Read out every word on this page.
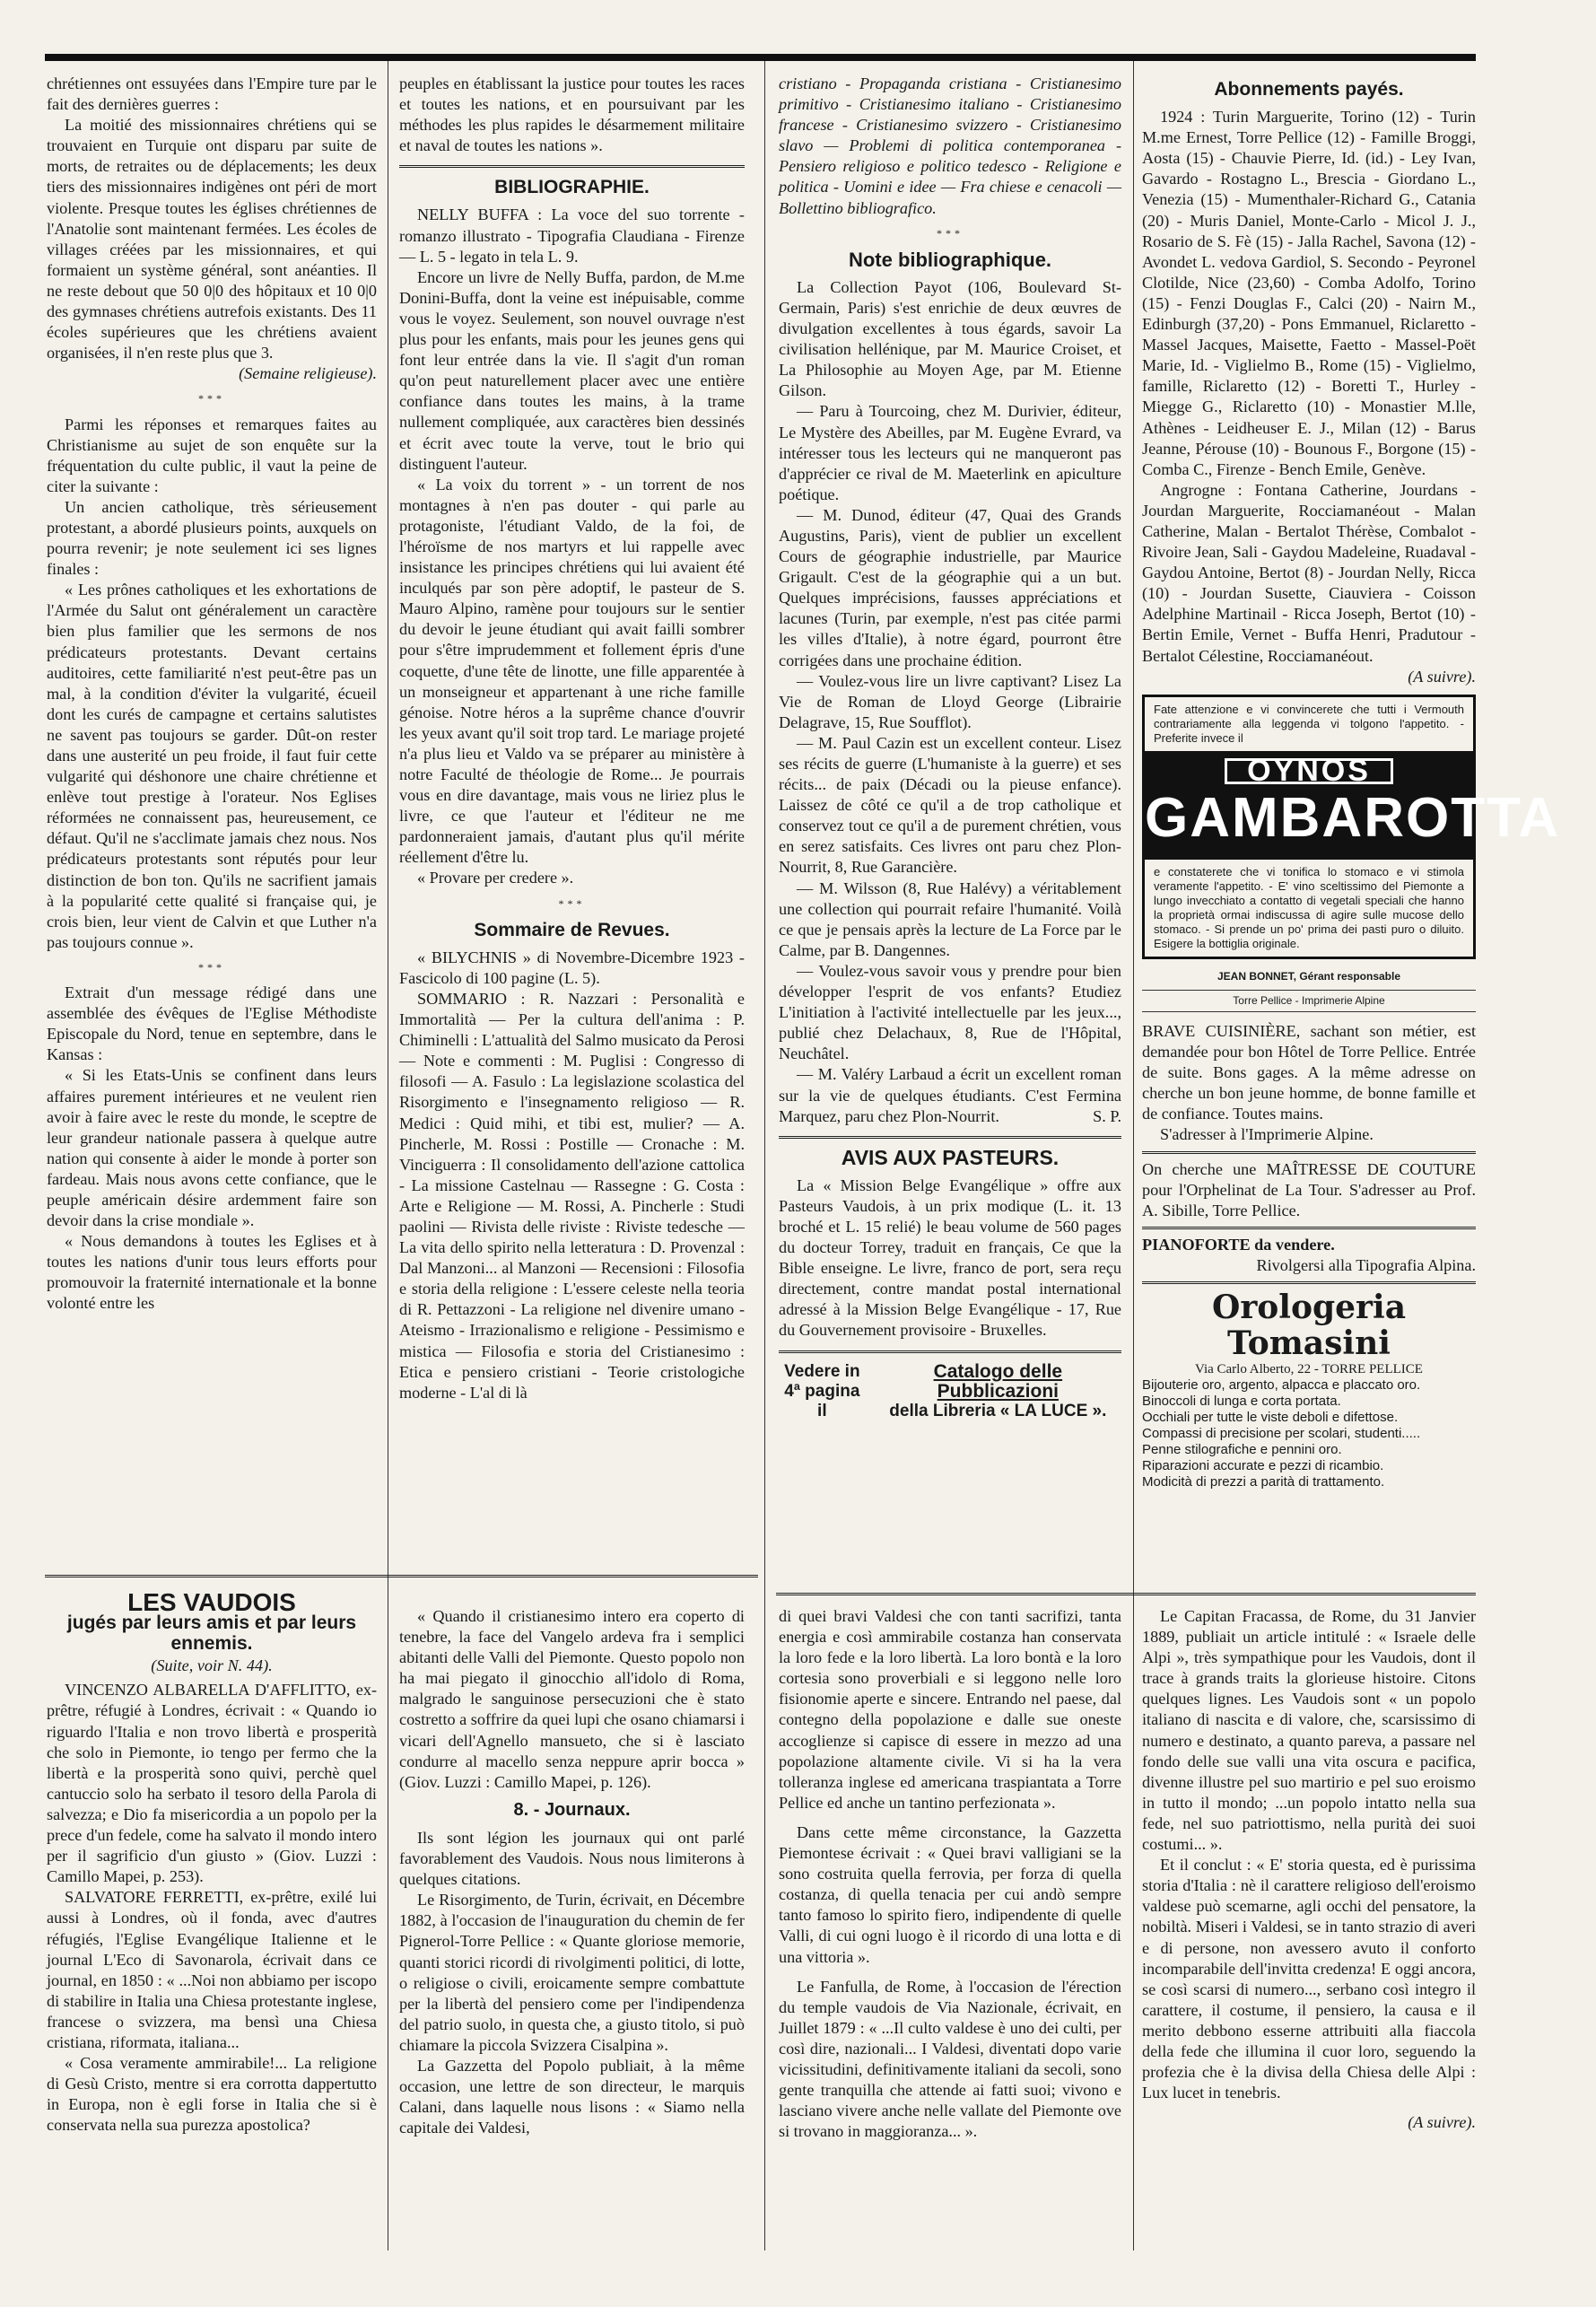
chrétiennes ont essuyées dans l'Empire ture par le fait des dernières guerres :

La moitié des missionnaires chrétiens qui se trouvaient en Turquie ont disparu par suite de morts, de retraites ou de déplacements; les deux tiers des missionnaires indigènes ont péri de mort violente. Presque toutes les églises chrétiennes de l'Anatolie sont maintenant fermées. Les écoles de villages créées par les missionnaires, et qui formaient un système général, sont anéanties. Il ne reste debout que 50 0|0 des hôpitaux et 10 0|0 des gymnases chrétiens autrefois existants. Des 11 écoles supérieures que les chrétiens avaient organisées, il n'en reste plus que 3.

(Semaine religieuse).

***

Parmi les réponses et remarques faites au Christianisme au sujet de son enquête sur la fréquentation du culte public, il vaut la peine de citer la suivante :

Un ancien catholique, très sérieusement protestant, a abordé plusieurs points, auxquels on pourra revenir; je note seulement ici ses lignes finales :

« Les prônes catholiques et les exhortations de l'Armée du Salut ont généralement un caractère bien plus familier que les sermons de nos prédicateurs protestants. Devant certains auditoires, cette familiarité n'est peut-être pas un mal, à la condition d'éviter la vulgarité, écueil dont les curés de campagne et certains salutistes ne savent pas toujours se garder. Dût-on rester dans une austerité un peu froide, il faut fuir cette vulgarité qui déshonore une chaire chrétienne et enlève tout prestige à l'orateur. Nos Eglises réformées ne connaissent pas, heureusement, ce défaut. Qu'il ne s'acclimate jamais chez nous. Nos prédicateurs protestants sont réputés pour leur distinction de bon ton. Qu'ils ne sacrifient jamais à la popularité cette qualité si française qui, je crois bien, leur vient de Calvin et que Luther n'a pas toujours connue ».

***

Extrait d'un message rédigé dans une assemblée des évêques de l'Eglise Méthodiste Episcopale du Nord, tenue en septembre, dans le Kansas :

« Si les Etats-Unis se confinent dans leurs affaires purement intérieures et ne veulent rien avoir à faire avec le reste du monde, le sceptre de leur grandeur nationale passera à quelque autre nation qui consente à aider le monde à porter son fardeau. Mais nous avons cette confiance, que le peuple américain désire ardemment faire son devoir dans la crise mondiale ».

« Nous demandons à toutes les Eglises et à toutes les nations d'unir tous leurs efforts pour promouvoir la fraternité internationale et la bonne volonté entre les

peuples en établissant la justice pour toutes les races et toutes les nations, et en poursuivant par les méthodes les plus rapides le désarmement militaire et naval de toutes les nations ».

BIBLIOGRAPHIE.

NELLY BUFFA : La voce del suo torrente - romanzo illustrato - Tipografia Claudiana - Firenze — L. 5 - legato in tela L. 9.

Encore un livre de Nelly Buffa, pardon, de M.me Donini-Buffa, dont la veine est inépuisable, comme vous le voyez. Seulement, son nouvel ouvrage n'est plus pour les enfants, mais pour les jeunes gens qui font leur entrée dans la vie. Il s'agit d'un roman qu'on peut naturellement placer avec une entière confiance dans toutes les mains, à la trame nullement compliquée, aux caractères bien dessinés et écrit avec toute la verve, tout le brio qui distinguent l'auteur.

« La voix du torrent » - un torrent de nos montagnes à n'en pas douter - qui parle au protagoniste, l'étudiant Valdo, de la foi, de l'héroïsme de nos martyrs et lui rappelle avec insistance les principes chrétiens qui lui avaient été inculqués par son père adoptif, le pasteur de S. Mauro Alpino, ramène pour toujours sur le sentier du devoir le jeune étudiant qui avait failli sombrer pour s'être imprudemment et follement épris d'une coquette, d'une tête de linotte, une fille apparentée à un monseigneur et appartenant à une riche famille génoise. Notre héros a la suprême chance d'ouvrir les yeux avant qu'il soit trop tard. Le mariage projeté n'a plus lieu et Valdo va se préparer au ministère à notre Faculté de théologie de Rome... Je pourrais vous en dire davantage, mais vous ne liriez plus le livre, ce que l'auteur et l'éditeur ne me pardonneraient jamais, d'autant plus qu'il mérite réellement d'être lu.

« Provare per credere ».

***
Sommaire de Revues.

« BILYCHNIS » di Novembre-Dicembre 1923 - Fascicolo di 100 pagine (L. 5).

SOMMARIO : R. Nazzari : Personalità e Immortalità — Per la cultura dell'anima : P. Chiminelli : L'attualità del Salmo musicato da Perosi — Note e commenti : M. Puglisi : Congresso di filosofi — A. Fasulo : La legislazione scolastica del Risorgimento e l'insegnamento religioso — R. Medici : Quid mihi, et tibi est, mulier? — A. Pincherle, M. Rossi : Postille — Cronache : M. Vinciguerra : Il consolidamento dell'azione cattolica - La missione Castelnau — Rassegne : G. Costa : Arte e Religione — M. Rossi, A. Pincherle : Studi paolini — Rivista delle riviste : Riviste tedesche — La vita dello spirito nella letteratura : D. Provenzal : Dal Manzoni... al Manzoni — Recensioni : Filosofia e storia della religione : L'essere celeste nella teoria di R. Pettazzoni - La religione nel divenire umano - Ateismo - Irrazionalismo e religione - Pessimismo e mistica — Filosofia e storia del Cristianesimo : Etica e pensiero cristiani - Teorie cristologiche moderne - L'al di là

cristiano - Propaganda cristiana - Cristianesimo primitivo - Cristianesimo italiano - Cristianesimo francese - Cristianesimo svizzero - Cristianesimo slavo — Problemi di politica contemporanea - Pensiero religioso e politico tedesco - Religione e politica - Uomini e idee — Fra chiese e cenacoli — Bollettino bibliografico.

***
Note bibliographique.

La Collection Payot (106, Boulevard St-Germain, Paris) s'est enrichie de deux œuvres de divulgation excellentes à tous égards, savoir La civilisation hellénique, par M. Maurice Croiset, et La Philosophie au Moyen Age, par M. Etienne Gilson.

— Paru à Tourcoing, chez M. Durivier, éditeur, Le Mystère des Abeilles, par M. Eugène Evrard, va intéresser tous les lecteurs qui ne manqueront pas d'apprécier ce rival de M. Maeterlink en apiculture poétique.

— M. Dunod, éditeur (47, Quai des Grands Augustins, Paris), vient de publier un excellent Cours de géographie industrielle, par Maurice Grigault. C'est de la géographie qui a un but. Quelques imprécisions, fausses appréciations et lacunes (Turin, par exemple, n'est pas citée parmi les villes d'Italie), à notre égard, pourront être corrigées dans une prochaine édition.

— Voulez-vous lire un livre captivant? Lisez La Vie de Roman de Lloyd George (Librairie Delagrave, 15, Rue Soufflot).

— M. Paul Cazin est un excellent conteur. Lisez ses récits de guerre (L'humaniste à la guerre) et ses récits... de paix (Décadi ou la pieuse enfance). Laissez de côté ce qu'il a de trop catholique et conservez tout ce qu'il a de purement chrétien, vous en serez satisfaits. Ces livres ont paru chez Plon-Nourrit, 8, Rue Garancière.

— M. Wilsson (8, Rue Halévy) a véritablement une collection qui pourrait refaire l'humanité. Voilà ce que je pensais après la lecture de La Force par le Calme, par B. Dangennes.

— Voulez-vous savoir vous y prendre pour bien développer l'esprit de vos enfants? Etudiez L'initiation à l'activité intellectuelle par les jeux..., publié chez Delachaux, 8, Rue de l'Hôpital, Neuchâtel.

— M. Valéry Larbaud a écrit un excellent roman sur la vie de quelques étudiants. C'est Fermina Marquez, paru chez Plon-Nourrit.	S. P.

AVIS AUX PASTEURS.

La « Mission Belge Evangélique » offre aux Pasteurs Vaudois, à un prix modique (L. it. 13 broché et L. 15 relié) le beau volume de 560 pages du docteur Torrey, traduit en français, Ce que la Bible enseigne. Le livre, franco de port, sera reçu directement, contre mandat postal international adressé à la Mission Belge Evangélique - 17, Rue du Gouvernement provisoire - Bruxelles.

Vedere in
4ª pagina il
Catalogo delle Pubblicazioni
della Libreria « LA LUCE ».
Abonnements payés.

1924 : Turin Marguerite, Torino (12) - Turin M.me Ernest, Torre Pellice (12) - Famille Broggi, Aosta (15) - Chauvie Pierre, Id. (id.) - Ley Ivan, Gavardo - Rostagno L., Brescia - Giordano L., Venezia (15) - Mumenthaler-Richard G., Catania (20) - Muris Daniel, Monte-Carlo - Micol J. J., Rosario de S. Fè (15) - Jalla Rachel, Savona (12) - Avondet L. vedova Gardiol, S. Secondo - Peyronel Clotilde, Nice (23,60) - Comba Adolfo, Torino (15) - Fenzi Douglas F., Calci (20) - Nairn M., Edinburgh (37,20) - Pons Emmanuel, Riclaretto - Massel Jacques, Maisette, Faetto - Massel-Poët Marie, Id. - Viglielmo B., Rome (15) - Viglielmo, famille, Riclaretto (12) - Boretti T., Hurley - Miegge G., Riclaretto (10) - Monastier M.lle, Athènes - Leidheuser E. J., Milan (12) - Barus Jeanne, Pérouse (10) - Bounous F., Borgone (15) - Comba C., Firenze - Bench Emile, Genève.

Angrogne : Fontana Catherine, Jourdans - Jourdan Marguerite, Rocciamanéout - Malan Catherine, Malan - Bertalot Thérèse, Combalot - Rivoire Jean, Sali - Gaydou Madeleine, Ruadaval - Gaydou Antoine, Bertot (8) - Jourdan Nelly, Ricca (10) - Jourdan Susette, Ciauviera - Coisson Adelphine Martinail - Ricca Joseph, Bertot (10) - Bertin Emile, Vernet - Buffa Henri, Pradutour - Bertalot Célestine, Rocciamanéout.

(A suivre).

Fate attenzione e vi convincerete che tutti i Vermouth contrariamente alla leggenda vi tolgono l'appetito. - Preferite invece il
OYNOS
GAMBAROTTA
e constaterete che vi tonifica lo stomaco e vi stimola veramente l'appetito. - E' vino sceltissimo del Piemonte a lungo invecchiato a contatto di vegetali speciali che hanno la proprietà ormai indiscussa di agire sulle mucose dello stomaco. - Si prende un po' prima dei pasti puro o diluito. Esigere la bottiglia originale.
JEAN BONNET, Gérant responsable
Torre Pellice - Imprimerie Alpine

BRAVE CUISINIÈRE, sachant son métier, est demandée pour bon Hôtel de Torre Pellice. Entrée de suite. Bons gages. A la même adresse on cherche un bon jeune homme, de bonne famille et de confiance. Toutes mains.

S'adresser à l'Imprimerie Alpine.

On cherche une MAÎTRESSE DE COUTURE pour l'Orphelinat de La Tour. S'adresser au Prof. A. Sibille, Torre Pellice.

PIANOFORTE da vendere.

Rivolgersi alla Tipografia Alpina.

Orologeria Tomasini
Via Carlo Alberto, 22 - TORRE PELLICE
Bijouterie oro, argento, alpacca e placcato oro.
Binoccoli di lunga e corta portata.
Occhiali per tutte le viste deboli e difettose.
Compassi di precisione per scolari, studenti.....
Penne stilografiche e pennini oro.
Riparazioni accurate e pezzi di ricambio.
Modicità di prezzi a parità di trattamento.
LES VAUDOIS
jugés par leurs amis et par leurs ennemis.
(Suite, voir N. 44).

VINCENZO ALBARELLA D'AFFLITTO, ex-prêtre, réfugié à Londres, écrivait : « Quando io riguardo l'Italia e non trovo libertà e prosperità che solo in Piemonte, io tengo per fermo che la libertà e la prosperità sono quivi, perchè quel cantuccio solo ha serbato il tesoro della Parola di salvezza; e Dio fa misericordia a un popolo per la prece d'un fedele, come ha salvato il mondo intero per il sagrificio d'un giusto » (Giov. Luzzi : Camillo Mapei, p. 253).

SALVATORE FERRETTI, ex-prêtre, exilé lui aussi à Londres, où il fonda, avec d'autres réfugiés, l'Eglise Evangélique Italienne et le journal L'Eco di Savonarola, écrivait dans ce journal, en 1850 : « ...Noi non abbiamo per iscopo di stabilire in Italia una Chiesa protestante inglese, francese o svizzera, ma bensì una Chiesa cristiana, riformata, italiana...

« Cosa veramente ammirabile!... La religione di Gesù Cristo, mentre si era corrotta dappertutto in Europa, non è egli forse in Italia che si è conservata nella sua purezza apostolica?

« Quando il cristianesimo intero era coperto di tenebre, la face del Vangelo ardeva fra i semplici abitanti delle Valli del Piemonte. Questo popolo non ha mai piegato il ginocchio all'idolo di Roma, malgrado le sanguinose persecuzioni che è stato costretto a soffrire da quei lupi che osano chiamarsi i vicari dell'Agnello mansueto, che si è lasciato condurre al macello senza neppure aprir bocca » (Giov. Luzzi : Camillo Mapei, p. 126).

8. - Journaux.

Ils sont légion les journaux qui ont parlé favorablement des Vaudois. Nous nous limiterons à quelques citations.

Le Risorgimento, de Turin, écrivait, en Décembre 1882, à l'occasion de l'inauguration du chemin de fer Pignerol-Torre Pellice : « Quante gloriose memorie, quanti storici ricordi di rivolgimenti politici, di lotte, o religiose o civili, eroicamente sempre combattute per la libertà del pensiero come per l'indipendenza del patrio suolo, in questa che, a giusto titolo, si può chiamare la piccola Svizzera Cisalpina ».

La Gazzetta del Popolo publiait, à la même occasion, une lettre de son directeur, le marquis Calani, dans laquelle nous lisons : « Siamo nella capitale dei Valdesi,

di quei bravi Valdesi che con tanti sacrifizi, tanta energia e così ammirabile costanza han conservata la loro fede e la loro libertà. La loro bontà e la loro cortesia sono proverbiali e si leggono nelle loro fisionomie aperte e sincere. Entrando nel paese, dal contegno della popolazione e dalle sue oneste accoglienze si capisce di essere in mezzo ad una popolazione altamente civile. Vi si ha la vera tolleranza inglese ed americana traspiantata a Torre Pellice ed anche un tantino perfezionata ».

Dans cette même circonstance, la Gazzetta Piemontese écrivait : « Quei bravi valligiani se la sono costruita quella ferrovia, per forza di quella costanza, di quella tenacia per cui andò sempre tanto famoso lo spirito fiero, indipendente di quelle Valli, di cui ogni luogo è il ricordo di una lotta e di una vittoria ».

Le Fanfulla, de Rome, à l'occasion de l'érection du temple vaudois de Via Nazionale, écrivait, en Juillet 1879 : « ...Il culto valdese è uno dei culti, per così dire, nazionali... I Valdesi, diventati dopo varie vicissitudini, definitivamente italiani da secoli, sono gente tranquilla che attende ai fatti suoi; vivono e lasciano vivere anche nelle vallate del Piemonte ove si trovano in maggioranza... ».

Le Capitan Fracassa, de Rome, du 31 Janvier 1889, publiait un article intitulé : « Israele delle Alpi », très sympathique pour les Vaudois, dont il trace à grands traits la glorieuse histoire. Citons quelques lignes. Les Vaudois sont « un popolo italiano di nascita e di valore, che, scarsissimo di numero e destinato, a quanto pareva, a passare nel fondo delle sue valli una vita oscura e pacifica, divenne illustre pel suo martirio e pel suo eroismo in tutto il mondo; ...un popolo intatto nella sua fede, nel suo patriottismo, nella purità dei suoi costumi... ».

Et il conclut : « E' storia questa, ed è purissima storia d'Italia : nè il carattere religioso dell'eroismo valdese può scemarne, agli occhi del pensatore, la nobiltà. Miseri i Valdesi, se in tanto strazio di averi e di persone, non avessero avuto il conforto incomparabile dell'invitta credenza! E oggi ancora, se così scarsi di numero..., serbano così integro il carattere, il costume, il pensiero, la causa e il merito debbono esserne attribuiti alla fiaccola della fede che illumina il cuor loro, seguendo la profezia che è la divisa della Chiesa delle Alpi : Lux lucet in tenebris.

(A suivre).
